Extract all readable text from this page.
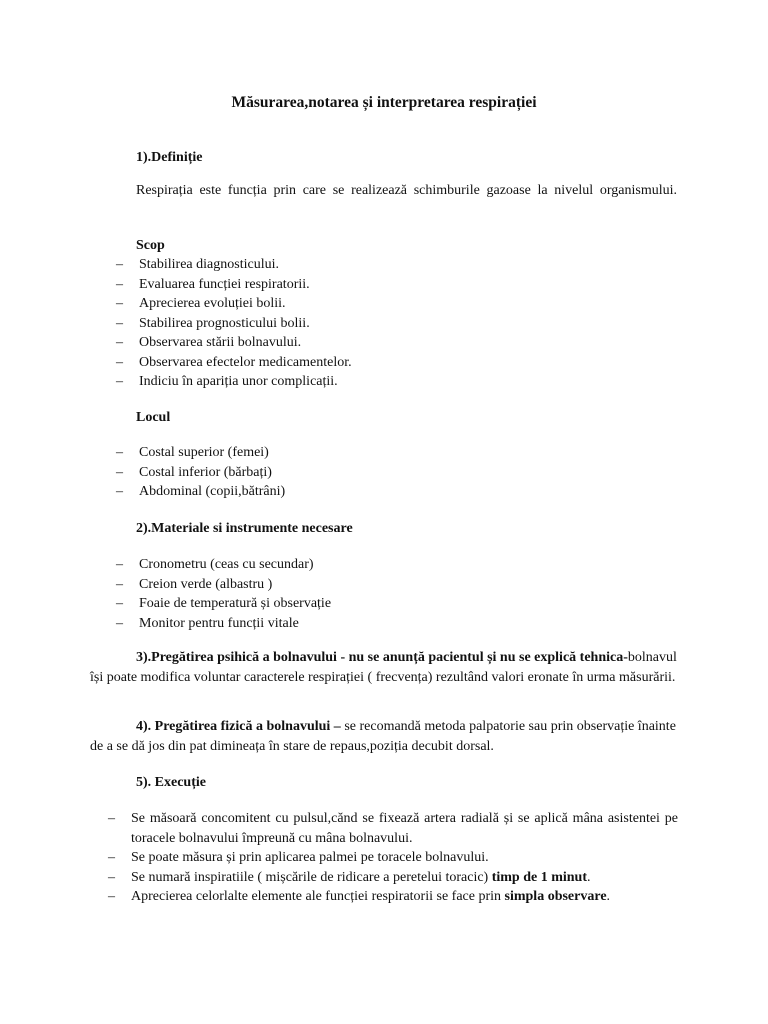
Măsurarea,notarea și interpretarea respirației
1).Definiție
Respirația este funcția prin care se realizează schimburile gazoase la nivelul organismului.
Scop
– Stabilirea diagnosticului.
– Evaluarea funcției respiratorii.
– Aprecierea evoluției bolii.
– Stabilirea prognosticului bolii.
– Observarea stării bolnavului.
– Observarea efectelor medicamentelor.
– Indiciu în apariția unor complicații.
Locul
– Costal superior (femei)
– Costal inferior (bărbați)
– Abdominal (copii,bătrâni)
2).Materiale si instrumente necesare
– Cronometru (ceas cu secundar)
– Creion verde (albastru )
– Foaie de temperatură și observație
– Monitor pentru funcții vitale
3).Pregătirea psihică a bolnavului - nu se anunță pacientul și nu se explică tehnica-bolnavul își poate modifica voluntar caracterele respirației ( frecvența) rezultând valori eronate în urma măsurării.
4). Pregătirea fizică a bolnavului – se recomandă metoda palpatorie sau prin observație înainte de a se dă jos din pat dimineața în stare de repaus,poziția decubit dorsal.
5). Execuție
– Se măsoară concomitent cu pulsul,cănd se fixează artera radială și se aplică mâna asistentei pe toracele bolnavului împreună cu mâna bolnavului.
– Se poate măsura și prin aplicarea palmei pe toracele bolnavului.
– Se numară inspiratiile ( mișcările de ridicare a peretelui toracic) timp de 1 minut.
– Aprecierea celorlalte elemente ale funcției respiratorii se face prin simpla observare.
